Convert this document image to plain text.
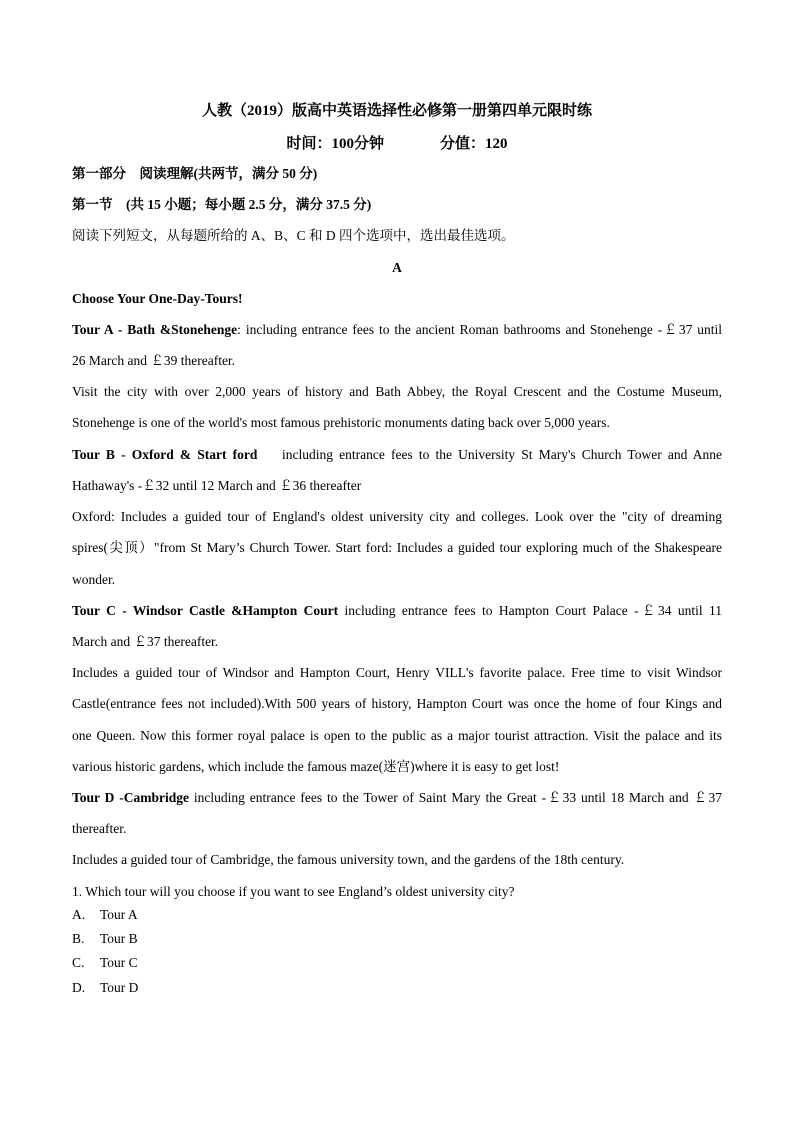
人教（2019）版高中英语选择性必修第一册第四单元限时练
时间：100分钟	分值：120
第一部分　阅读理解(共两节，满分 50 分)
第一节　(共 15 小题；每小题 2.5 分，满分 37.5 分)
阅读下列短文，从每题所给的 A、B、C 和 D 四个选项中，选出最佳选项。
A
Choose Your One-Day-Tours!
Tour A - Bath &Stonehenge: including entrance fees to the ancient Roman bathrooms and Stonehenge -￡37 until
26 March and ￡39 thereafter.
Visit the city with over 2,000 years of history and Bath Abbey, the Royal Crescent and the Costume Museum,
Stonehenge is one of the world's most famous prehistoric monuments dating back over 5,000 years.
Tour B - Oxford & Start ford    including entrance fees to the University St Mary's Church Tower and Anne
Hathaway's -￡32 until 12 March and ￡36 thereafter
Oxford: Includes a guided tour of England's oldest university city and colleges. Look over the "city of dreaming
spires(尖顶）"from St Mary’s Church Tower. Start ford: Includes a guided tour exploring much of the Shakespeare
wonder.
Tour C - Windsor Castle &Hampton Court including entrance fees to Hampton Court Palace -￡34 until 11
March and ￡37 thereafter.
Includes a guided tour of Windsor and Hampton Court, Henry VILL's favorite palace. Free time to visit Windsor
Castle(entrance fees not included).With 500 years of history, Hampton Court was once the home of four Kings and
one Queen. Now this former royal palace is open to the public as a major tourist attraction. Visit the palace and its
various historic gardens, which include the famous maze(迷宫)where it is easy to get lost!
Tour D -Cambridge including entrance fees to the Tower of Saint Mary the Great -￡33 until 18 March and ￡37
thereafter.
Includes a guided tour of Cambridge, the famous university town, and the gardens of the 18th century.
1. Which tour will you choose if you want to see England’s oldest university city?
A. Tour A
B. Tour B
C. Tour C
D. Tour D
